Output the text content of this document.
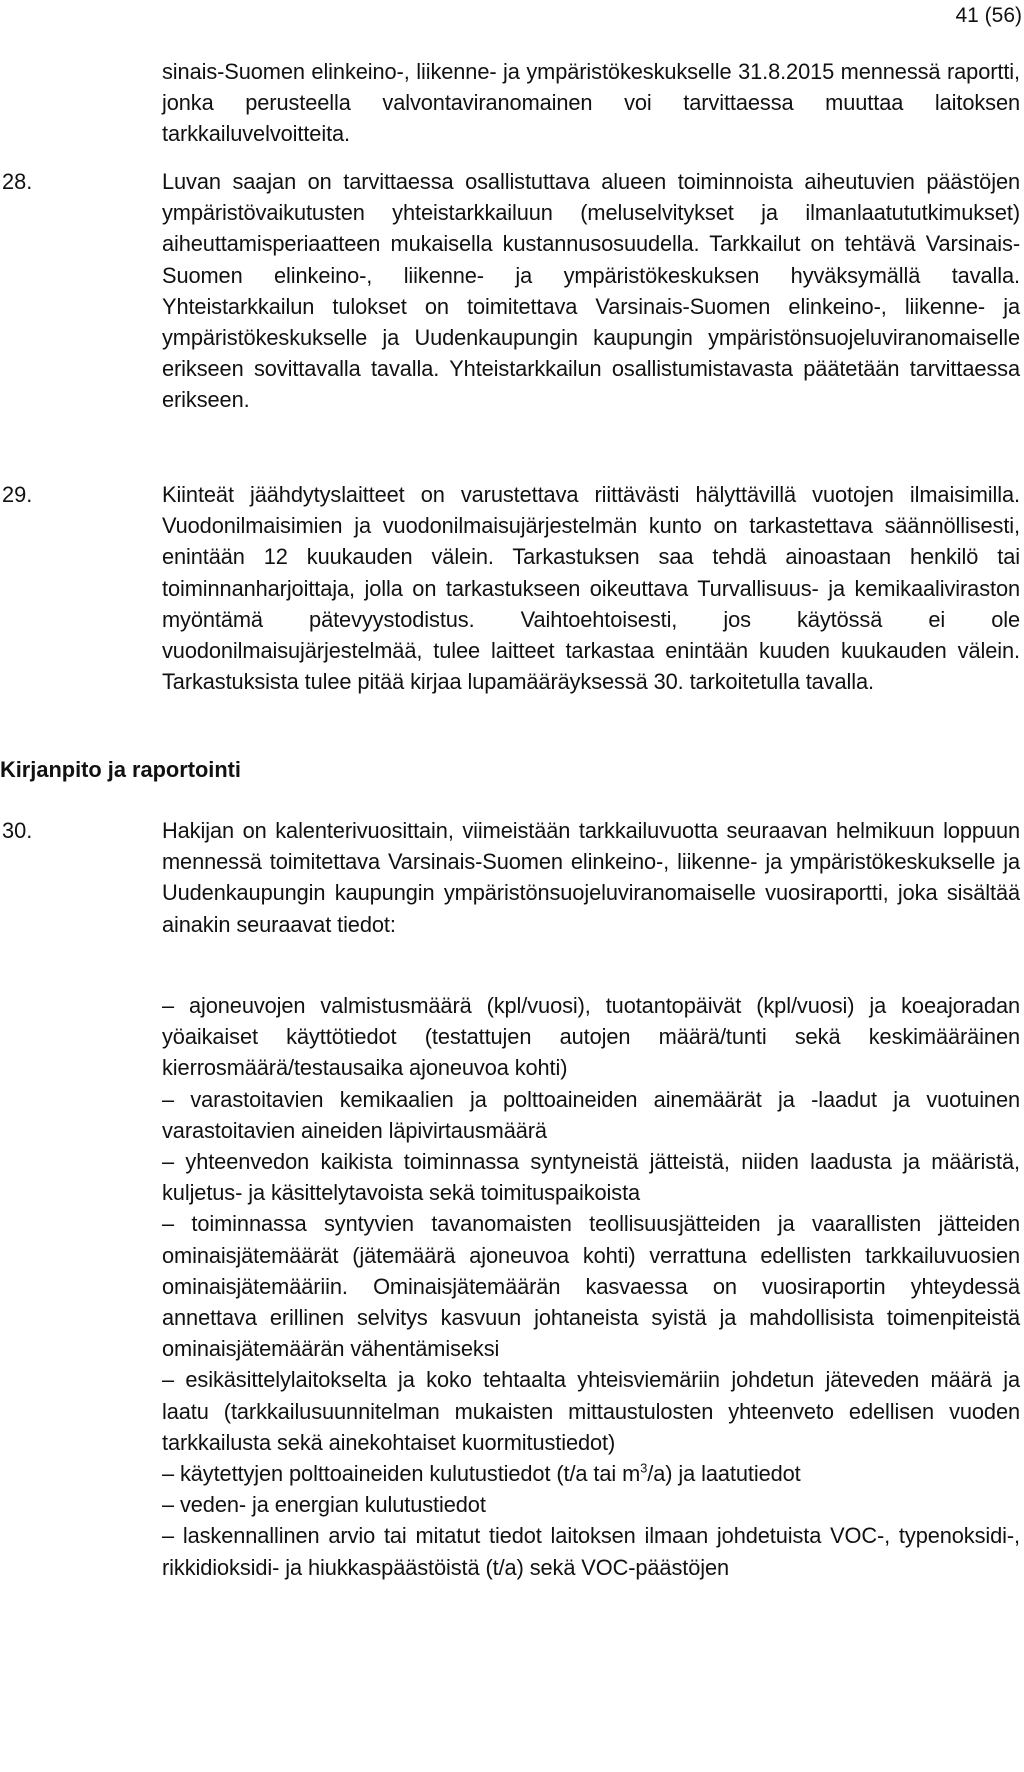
41 (56)

sinais-Suomen elinkeino-, liikenne- ja ympäristökeskukselle 31.8.2015 mennessä raportti, jonka perusteella valvontaviranomainen voi tarvittaessa muuttaa laitoksen tarkkailuvelvoitteita.

28.	Luvan saajan on tarvittaessa osallistuttava alueen toiminnoista aiheutuvien päästöjen ympäristövaikutusten yhteistarkkailuun (meluselvitykset ja ilmanlaatututkimukset) aiheuttamisperiaatteen mukaisella kustannusosuudella. Tarkkailut on tehtävä Varsinais-Suomen elinkeino-, liikenne- ja ympäristökeskuksen hyväksymällä tavalla. Yhteistarkkailun tulokset on toimitettava Varsinais-Suomen elinkeino-, liikenne- ja ympäristökeskukselle ja Uudenkaupungin kaupungin ympäristönsuojeluviranomaiselle erikseen sovittavalla tavalla. Yhteistarkkailun osallistumistavasta päätetään tarvittaessa erikseen.

29.	Kiinteät jäähdytyslaitteet on varustettava riittävästi hälyttävillä vuotojen ilmaisimilla. Vuodonilmaisimien ja vuodonilmaisujärjestelmän kunto on tarkastettava säännöllisesti, enintään 12 kuukauden välein. Tarkastuksen saa tehdä ainoastaan henkilö tai toiminnanharjoittaja, jolla on tarkastukseen oikeuttava Turvallisuus- ja kemikaaliviraston myöntämä pätevyystodistus. Vaihtoehtoisesti, jos käytössä ei ole vuodonilmaisujärjestelmää, tulee laitteet tarkastaa enintään kuuden kuukauden välein. Tarkastuksista tulee pitää kirjaa lupamääräyksessä 30. tarkoitetulla tavalla.

Kirjanpito ja raportointi
30.	Hakijan on kalenterivuosittain, viimeistään tarkkailuvuotta seuraavan helmikuun loppuun mennessä toimitettava Varsinais-Suomen elinkeino-, liikenne- ja ympäristökeskukselle ja Uudenkaupungin kaupungin ympäristönsuojeluviranomaiselle vuosiraportti, joka sisältää ainakin seuraavat tiedot:

– ajoneuvojen valmistusmäärä (kpl/vuosi), tuotantopäivät (kpl/vuosi) ja koeajoradan yöaikaiset käyttötiedot (testattujen autojen määrä/tunti sekä keskimääräinen kierrosmäärä/testausaika ajoneuvoa kohti)

– varastoitavien kemikaalien ja polttoaineiden ainemäärät ja -laadut ja vuotuinen varastoitavien aineiden läpivirtausmäärä

– yhteenvedon kaikista toiminnassa syntyneistä jätteistä, niiden laadusta ja määristä, kuljetus- ja käsittelytavoista sekä toimituspaikoista

– toiminnassa syntyvien tavanomaisten teollisuusjätteiden ja vaarallisten jätteiden ominaisjätemäärät (jätemäärä ajoneuvoa kohti) verrattuna edellisten tarkkailuvuosien ominaisjätemääriin. Ominaisjätemäärän kasvaessa on vuosiraportin yhteydessä annettava erillinen selvitys kasvuun johtaneista syistä ja mahdollisista toimenpiteistä ominaisjätemäärän vähentämiseksi

– esikäsittelylaitokselta ja koko tehtaalta yhteisviemäriin johdetun jäteveden määrä ja laatu (tarkkailusuunnitelman mukaisten mittaustulosten yhteenveto edellisen vuoden tarkkailusta sekä ainekohtaiset kuormitustiedot)

– käytettyjen polttoaineiden kulutustiedot (t/a tai $m^3/a$) ja laatutiedot

– veden- ja energian kulutustiedot

– laskennallinen arvio tai mitatut tiedot laitoksen ilmaan johdetuista VOC-, typenoksidi-, rikkidioksidi- ja hiukkaspäästöistä (t/a) sekä VOC-päästöjen
